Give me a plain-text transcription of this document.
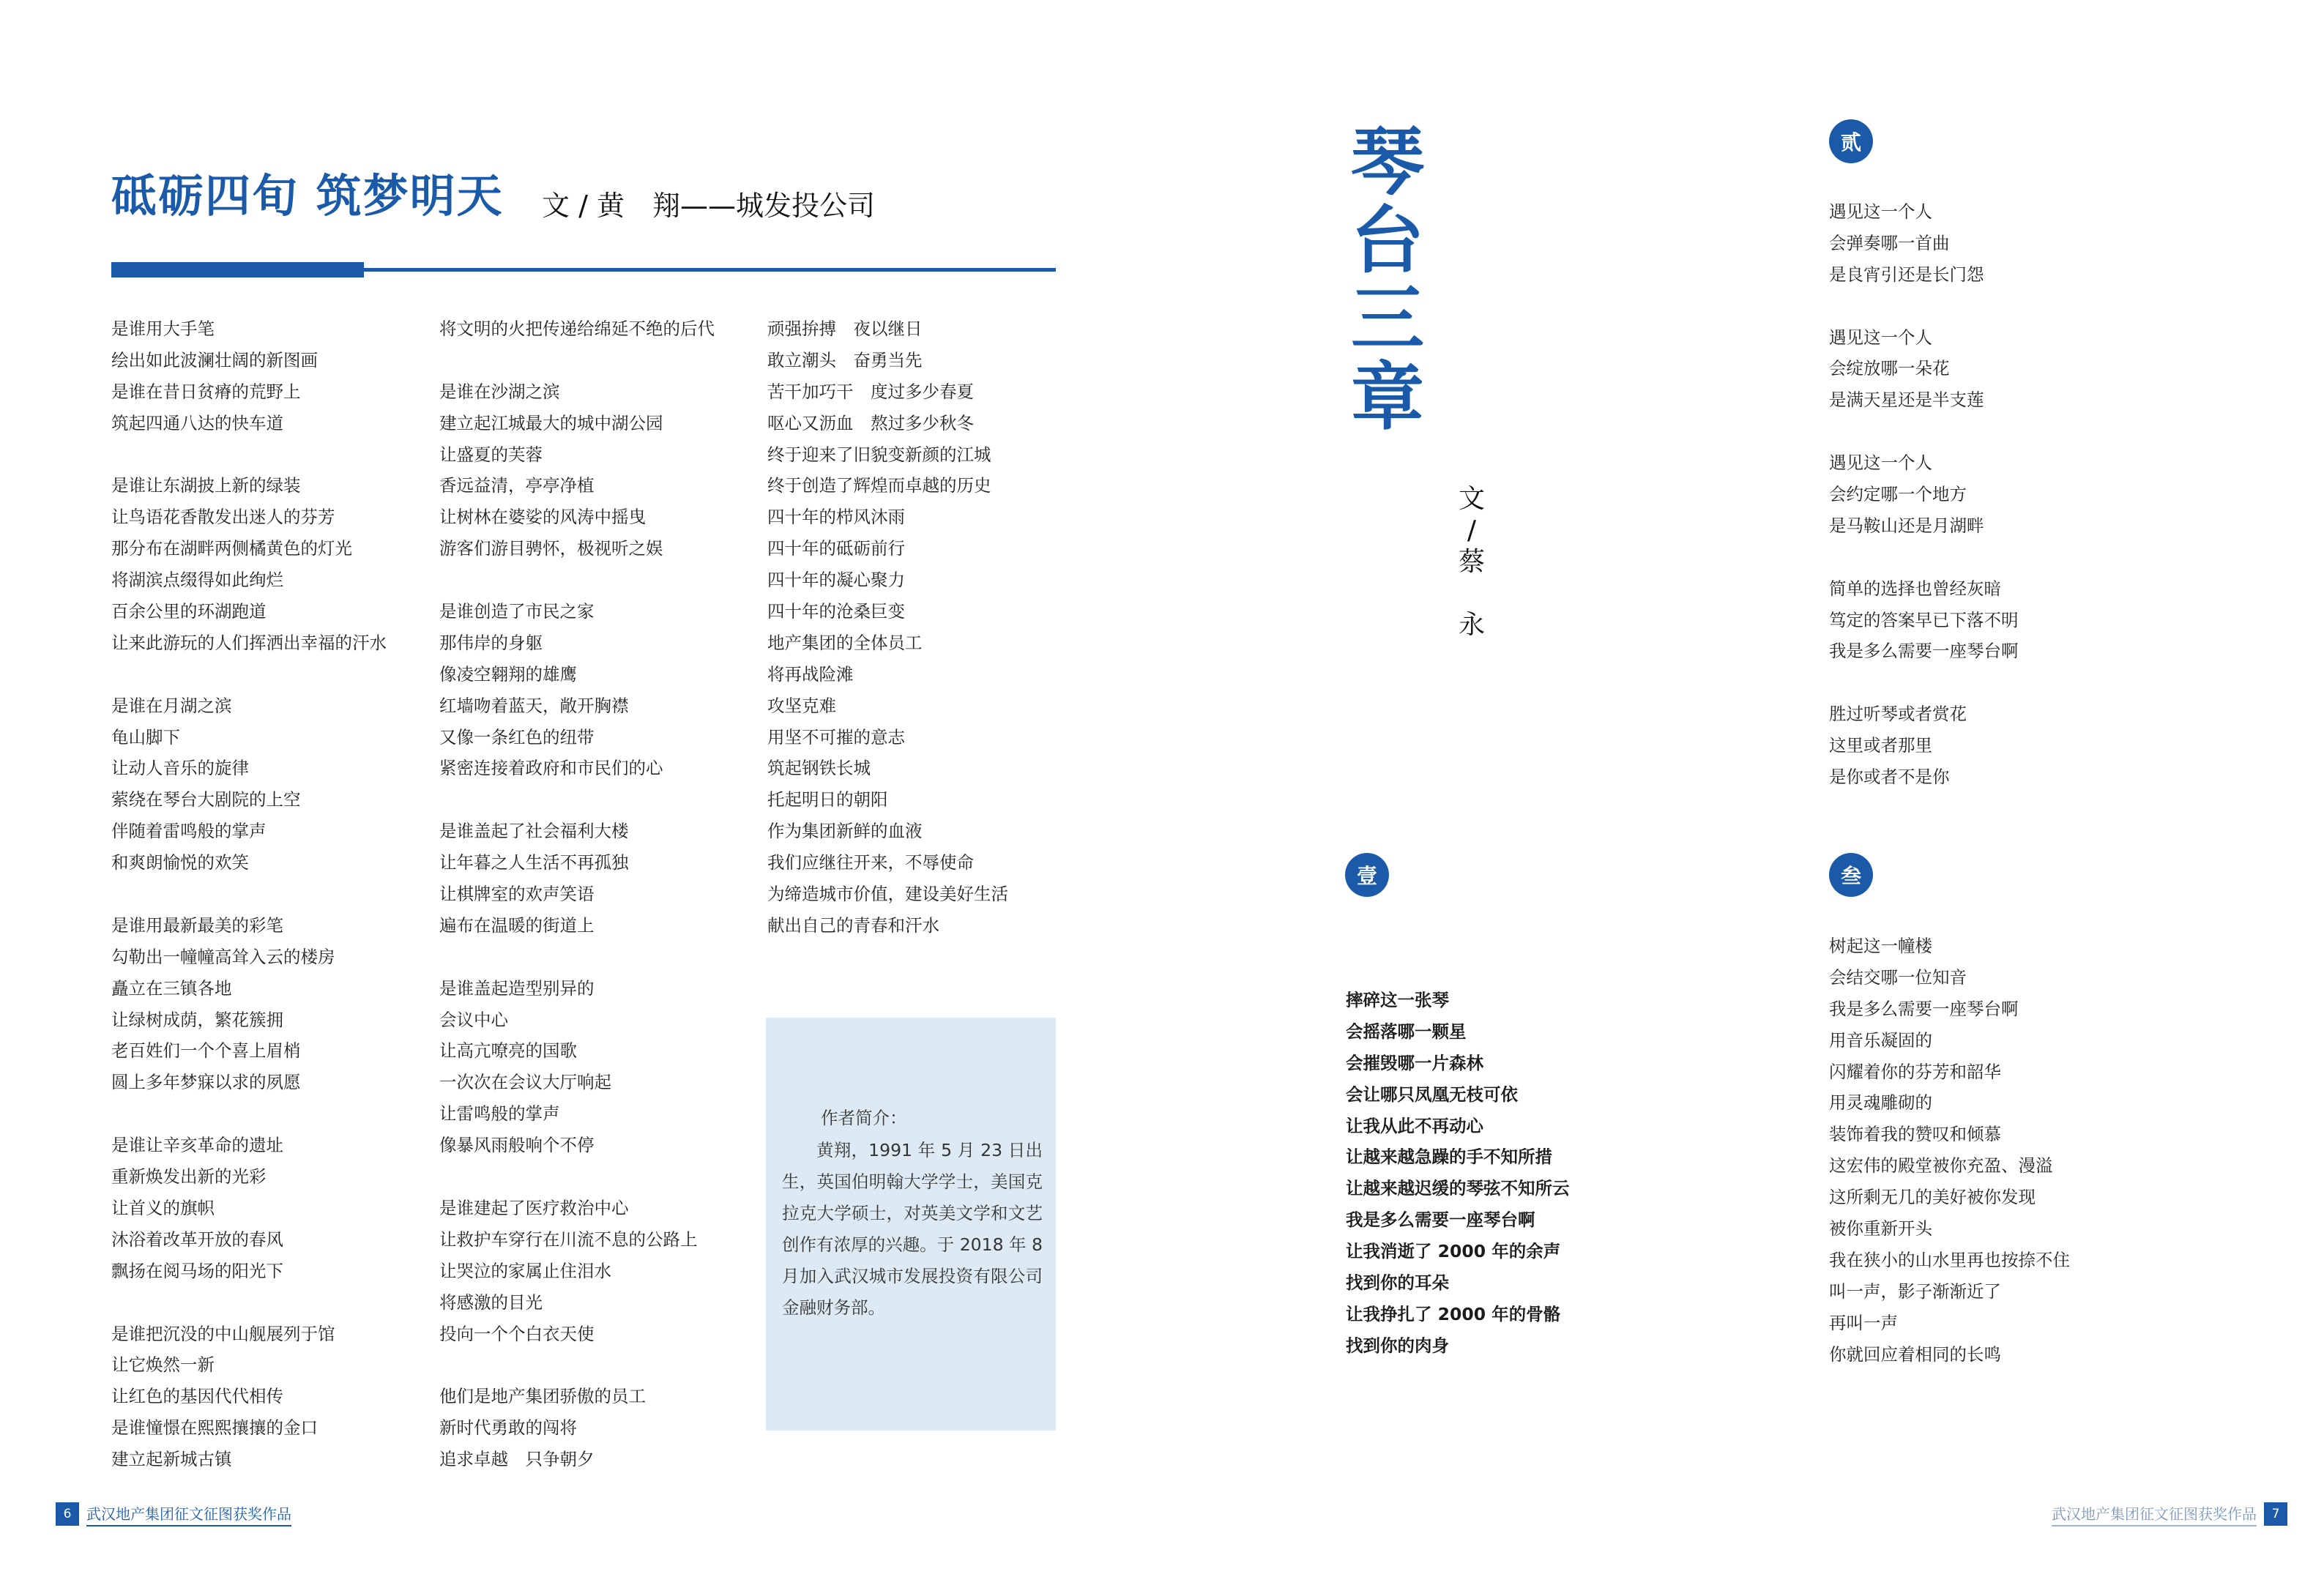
砥砺四旬 筑梦明天 文 / 黄　翔——城发投公司
是谁用大手笔
绘出如此波澜壮阔的新图画
是谁在昔日贫瘠的荒野上
筑起四通八达的快车道
是谁让东湖披上新的绿装
让鸟语花香散发出迷人的芬芳
那分布在湖畔两侧橘黄色的灯光
将湖滨点缀得如此绚烂
百余公里的环湖跑道
让来此游玩的人们挥洒出幸福的汗水
是谁在月湖之滨
龟山脚下
让动人音乐的旋律
萦绕在琴台大剧院的上空
伴随着雷鸣般的掌声
和爽朗愉悦的欢笑
是谁用最新最美的彩笔
勾勒出一幢幢高耸入云的楼房
矗立在三镇各地
让绿树成荫，繁花簇拥
老百姓们一个个喜上眉梢
圆上多年梦寐以求的夙愿
是谁让辛亥革命的遗址
重新焕发出新的光彩
让首义的旗帜
沐浴着改革开放的春风
飘扬在阅马场的阳光下
是谁把沉没的中山舰展列于馆
让它焕然一新
让红色的基因代代相传
是谁憧憬在熙熙攘攘的金口
建立起新城古镇
将文明的火把传递给绵延不绝的后代
是谁在沙湖之滨
建立起江城最大的城中湖公园
让盛夏的芙蓉
香远益清，亭亭净植
让树林在婆娑的风涛中摇曳
游客们游目骋怀，极视听之娱
是谁创造了市民之家
那伟岸的身躯
像凌空翱翔的雄鹰
红墙吻着蓝天，敞开胸襟
又像一条红色的纽带
紧密连接着政府和市民们的心
是谁盖起了社会福利大楼
让年暮之人生活不再孤独
让棋牌室的欢声笑语
遍布在温暖的街道上
是谁盖起造型别异的
会议中心
让高亢嘹亮的国歌
一次次在会议大厅响起
让雷鸣般的掌声
像暴风雨般响个不停
是谁建起了医疗救治中心
让救护车穿行在川流不息的公路上
让哭泣的家属止住泪水
将感激的目光
投向一个个白衣天使
他们是地产集团骄傲的员工
新时代勇敢的闯将
追求卓越　只争朝夕
顽强拚搏　夜以继日
敢立潮头　奋勇当先
苦干加巧干　度过多少春夏
呕心又沥血　熬过多少秋冬
终于迎来了旧貌变新颜的江城
终于创造了辉煌而卓越的历史
四十年的栉风沐雨
四十年的砥砺前行
四十年的凝心聚力
四十年的沧桑巨变
地产集团的全体员工
将再战险滩
攻坚克难
用坚不可摧的意志
筑起钢铁长城
托起明日的朝阳
作为集团新鲜的血液
我们应继往开来，不辱使命
为缔造城市价值，建设美好生活
献出自己的青春和汗水
作者简介：
黄翔，1991 年 5 月 23 日出生，英国伯明翰大学学士，美国克拉克大学硕士，对英美文学和文艺创作有浓厚的兴趣。于 2018 年 8 月加入武汉城市发展投资有限公司金融财务部。
6	武汉地产集团征文征图获奖作品
琴
台
三
章
文
/
蔡
永
壹
贰
叁
摔碎这一张琴
会摇落哪一颗星
会摧毁哪一片森林
会让哪只凤凰无枝可依
让我从此不再动心
让越来越急躁的手不知所措
让越来越迟缓的琴弦不知所云
我是多么需要一座琴台啊
让我消逝了 2000 年的余声
找到你的耳朵
让我挣扎了 2000 年的骨骼
找到你的肉身
遇见这一个人
会弹奏哪一首曲
是良宵引还是长门怨
遇见这一个人
会绽放哪一朵花
是满天星还是半支莲
遇见这一个人
会约定哪一个地方
是马鞍山还是月湖畔
简单的选择也曾经灰暗
笃定的答案早已下落不明
我是多么需要一座琴台啊
胜过听琴或者赏花
这里或者那里
是你或者不是你
树起这一幢楼
会结交哪一位知音
我是多么需要一座琴台啊
用音乐凝固的
闪耀着你的芬芳和韶华
用灵魂雕砌的
装饰着我的赞叹和倾慕
这宏伟的殿堂被你充盈、漫溢
这所剩无几的美好被你发现
被你重新开头
我在狭小的山水里再也按捺不住
叫一声，影子渐渐近了
再叫一声
你就回应着相同的长鸣
武汉地产集团征文征图获奖作品	7
